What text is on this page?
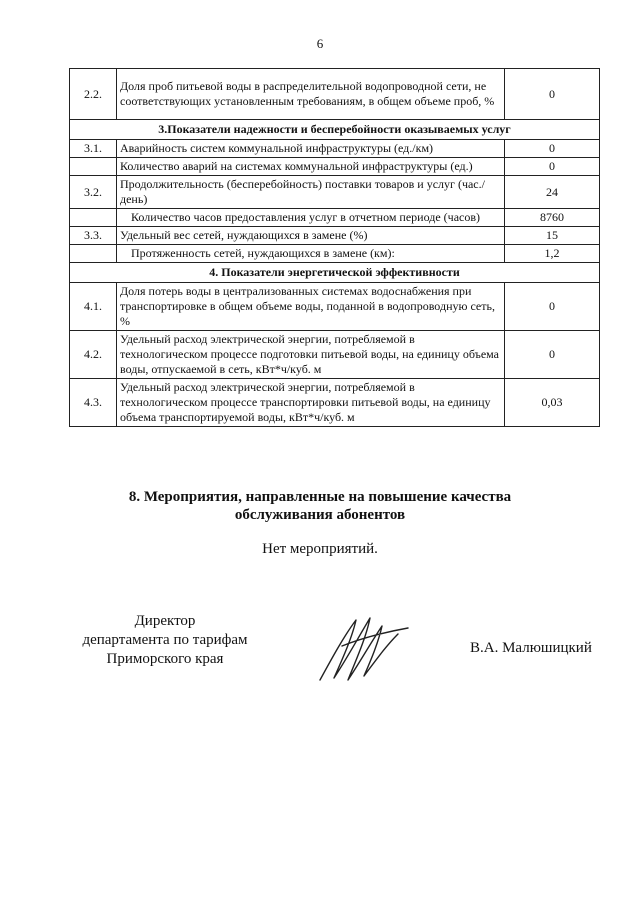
6
2.2.	Доля проб питьевой воды в распределительной водопроводной сети, не соответствующих установленным требованиям, в общем объеме проб, %	0
3.Показатели надежности и бесперебойности оказываемых услуг		
3.1.	Аварийность систем коммунальной инфраструктуры (ед./км)	0
	Количество аварий на системах коммунальной инфраструктуры (ед.)	0
3.2.	Продолжительность (бесперебойность) поставки товаров и услуг (час./день)	24
	Количество часов предоставления услуг в отчетном периоде (часов)	8760
3.3.	Удельный вес сетей, нуждающихся в замене (%)	15
	Протяженность сетей, нуждающихся в замене (км):	1,2
4. Показатели энергетической эффективности		
4.1.	Доля потерь воды в централизованных системах водоснабжения при транспортировке в общем объеме воды, поданной в водопроводную сеть, %	0
4.2.	Удельный расход электрической энергии, потребляемой в технологическом процессе подготовки питьевой воды, на единицу объема воды, отпускаемой в сеть, кВт*ч/куб. м	0
4.3.	Удельный расход электрической энергии, потребляемой в технологическом процессе транспортировки питьевой воды, на единицу объема транспортируемой воды, кВт*ч/куб. м	0,03
8. Мероприятия, направленные на повышение качества
обслуживания абонентов
Нет мероприятий.
Директор
департамента по тарифам
Приморского края
В.А. Малюшицкий
